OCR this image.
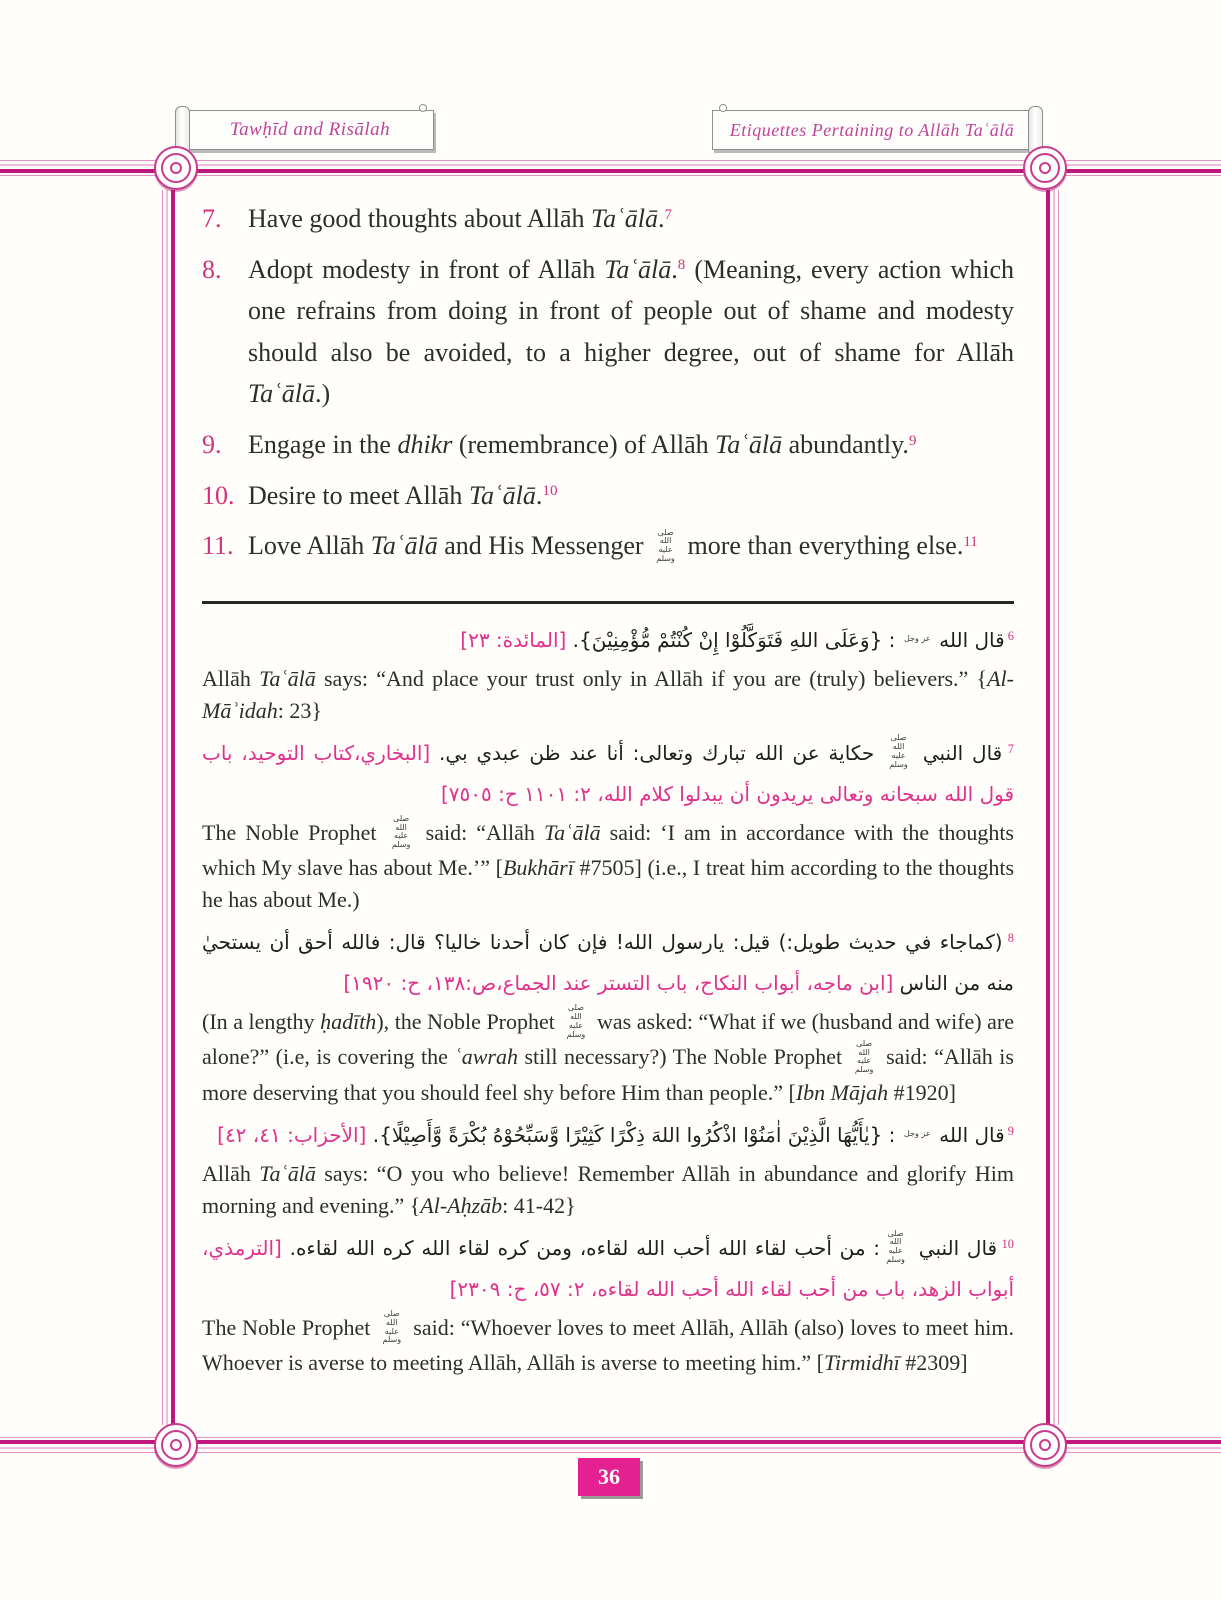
Tawḥīd and Risālah	Etiquettes Pertaining to Allāh Taʿālā
7.	Have good thoughts about Allāh Taʿālā.$^7$
8.	Adopt modesty in front of Allāh Taʿālā.$^8$ (Meaning, every action which one refrains from doing in front of people out of shame and modesty should also be avoided, to a higher degree, out of shame for Allāh Taʿālā.)
9.	Engage in the dhikr (remembrance) of Allāh Taʿālā abundantly.$^9$
10. Desire to meet Allāh Taʿālā.$^{10}$
11. Love Allāh Taʿālā and His Messenger صلى الله عليه وسلم more than everything else.$^{11}$

$^6$ قال الله عز وجل : {وَعَلَى اللهِ فَتَوَكَّلُوْا إِنْ كُنْتُمْ مُّؤْمِنِيْنَ}. [المائدة: ٢٣]

Allāh Taʿālā says: “And place your trust only in Allāh if you are (truly) believers.” {Al-Māʾidah: 23}

$^7$ قال النبي صلى الله عليه وسلم حكاية عن الله تبارك وتعالى: أنا عند ظن عبدي بي. [البخاري،كتاب التوحيد، باب قول الله سبحانه وتعالى يريدون أن يبدلوا كلام الله، ٢: ١١٠١ ح: ٧٥٠٥]

The Noble Prophet صلى الله عليه وسلم said: “Allāh Taʿālā said: ‘I am in accordance with the thoughts which My slave has about Me.’” [Bukhārī #7505] (i.e., I treat him according to the thoughts he has about Me.)

$^8$ (كماجاء في حديث طويل:) قيل: يارسول الله! فإن كان أحدنا خاليا؟ قال: فالله أحق أن يستحيٰ منه من الناس [ابن ماجه، أبواب النكاح، باب التستر عند الجماع،ص:١٣٨، ح: ١٩٢٠]

(In a lengthy ḥadīth), the Noble Prophet صلى الله عليه وسلم was asked: “What if we (husband and wife) are alone?” (i.e, is covering the ʿawrah still necessary?) The Noble Prophet صلى الله عليه وسلم said: “Allāh is more deserving that you should feel shy before Him than people.” [Ibn Mājah #1920]

$^9$ قال الله عز وجل : {يٰأَيُّهَا الَّذِيْنَ اٰمَنُوْا اذْكُرُوا اللهَ ذِكْرًا كَثِيْرًا وَّسَبِّحُوْهُ بُكْرَةً وَّأَصِيْلًا}. [الأحزاب: ٤١، ٤٢]

Allāh Taʿālā says: “O you who believe! Remember Allāh in abundance and glorify Him morning and evening.” {Al-Aḥzāb: 41-42}

$^{10}$ قال النبي صلى الله عليه وسلم: من أحب لقاء الله أحب الله لقاءه، ومن كره لقاء الله كره الله لقاءه. [الترمذي، أبواب الزهد، باب من أحب لقاء الله أحب الله لقاءه، ٢: ٥٧، ح: ٢٣٠٩]

The Noble Prophet صلى الله عليه وسلم said: “Whoever loves to meet Allāh, Allāh (also) loves to meet him. Whoever is averse to meeting Allāh, Allāh is averse to meeting him.” [Tirmidhī #2309]

36
